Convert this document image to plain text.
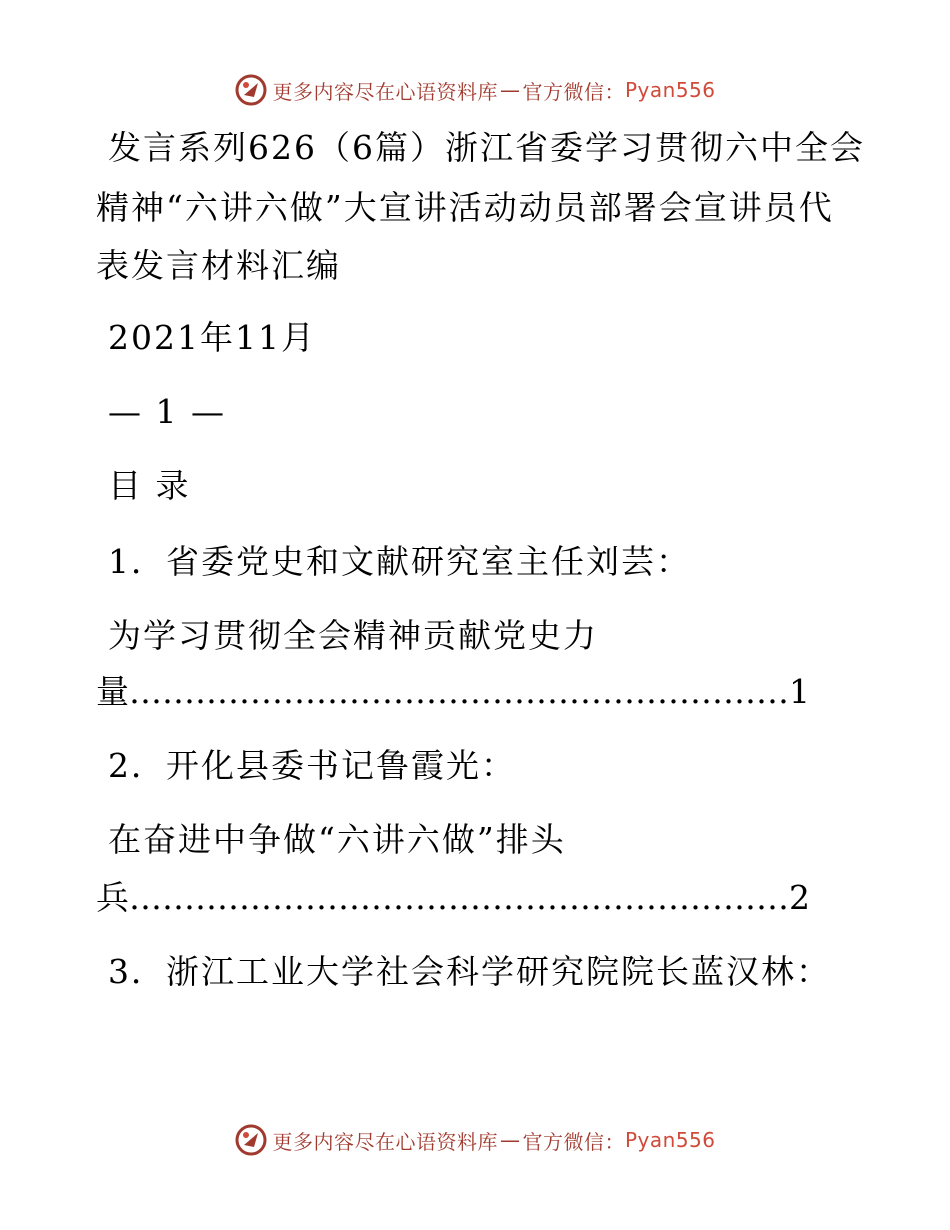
更多内容尽在心语资料库 — 官方微信： Pyan556
发言系列626（6篇）浙江省委学习贯彻六中全会
精神“六讲六做”大宣讲活动动员部署会宣讲员代
表发言材料汇编
2021年11月
— 1 —
目 录
1．省委党史和文献研究室主任刘芸：
为学习贯彻全会精神贡献党史力
量……………………………………………………1
2．开化县委书记鲁霞光：
在奋进中争做“六讲六做”排头
兵……………………………………………………2
3．浙江工业大学社会科学研究院院长蓝汉林：
更多内容尽在心语资料库 — 官方微信： Pyan556
